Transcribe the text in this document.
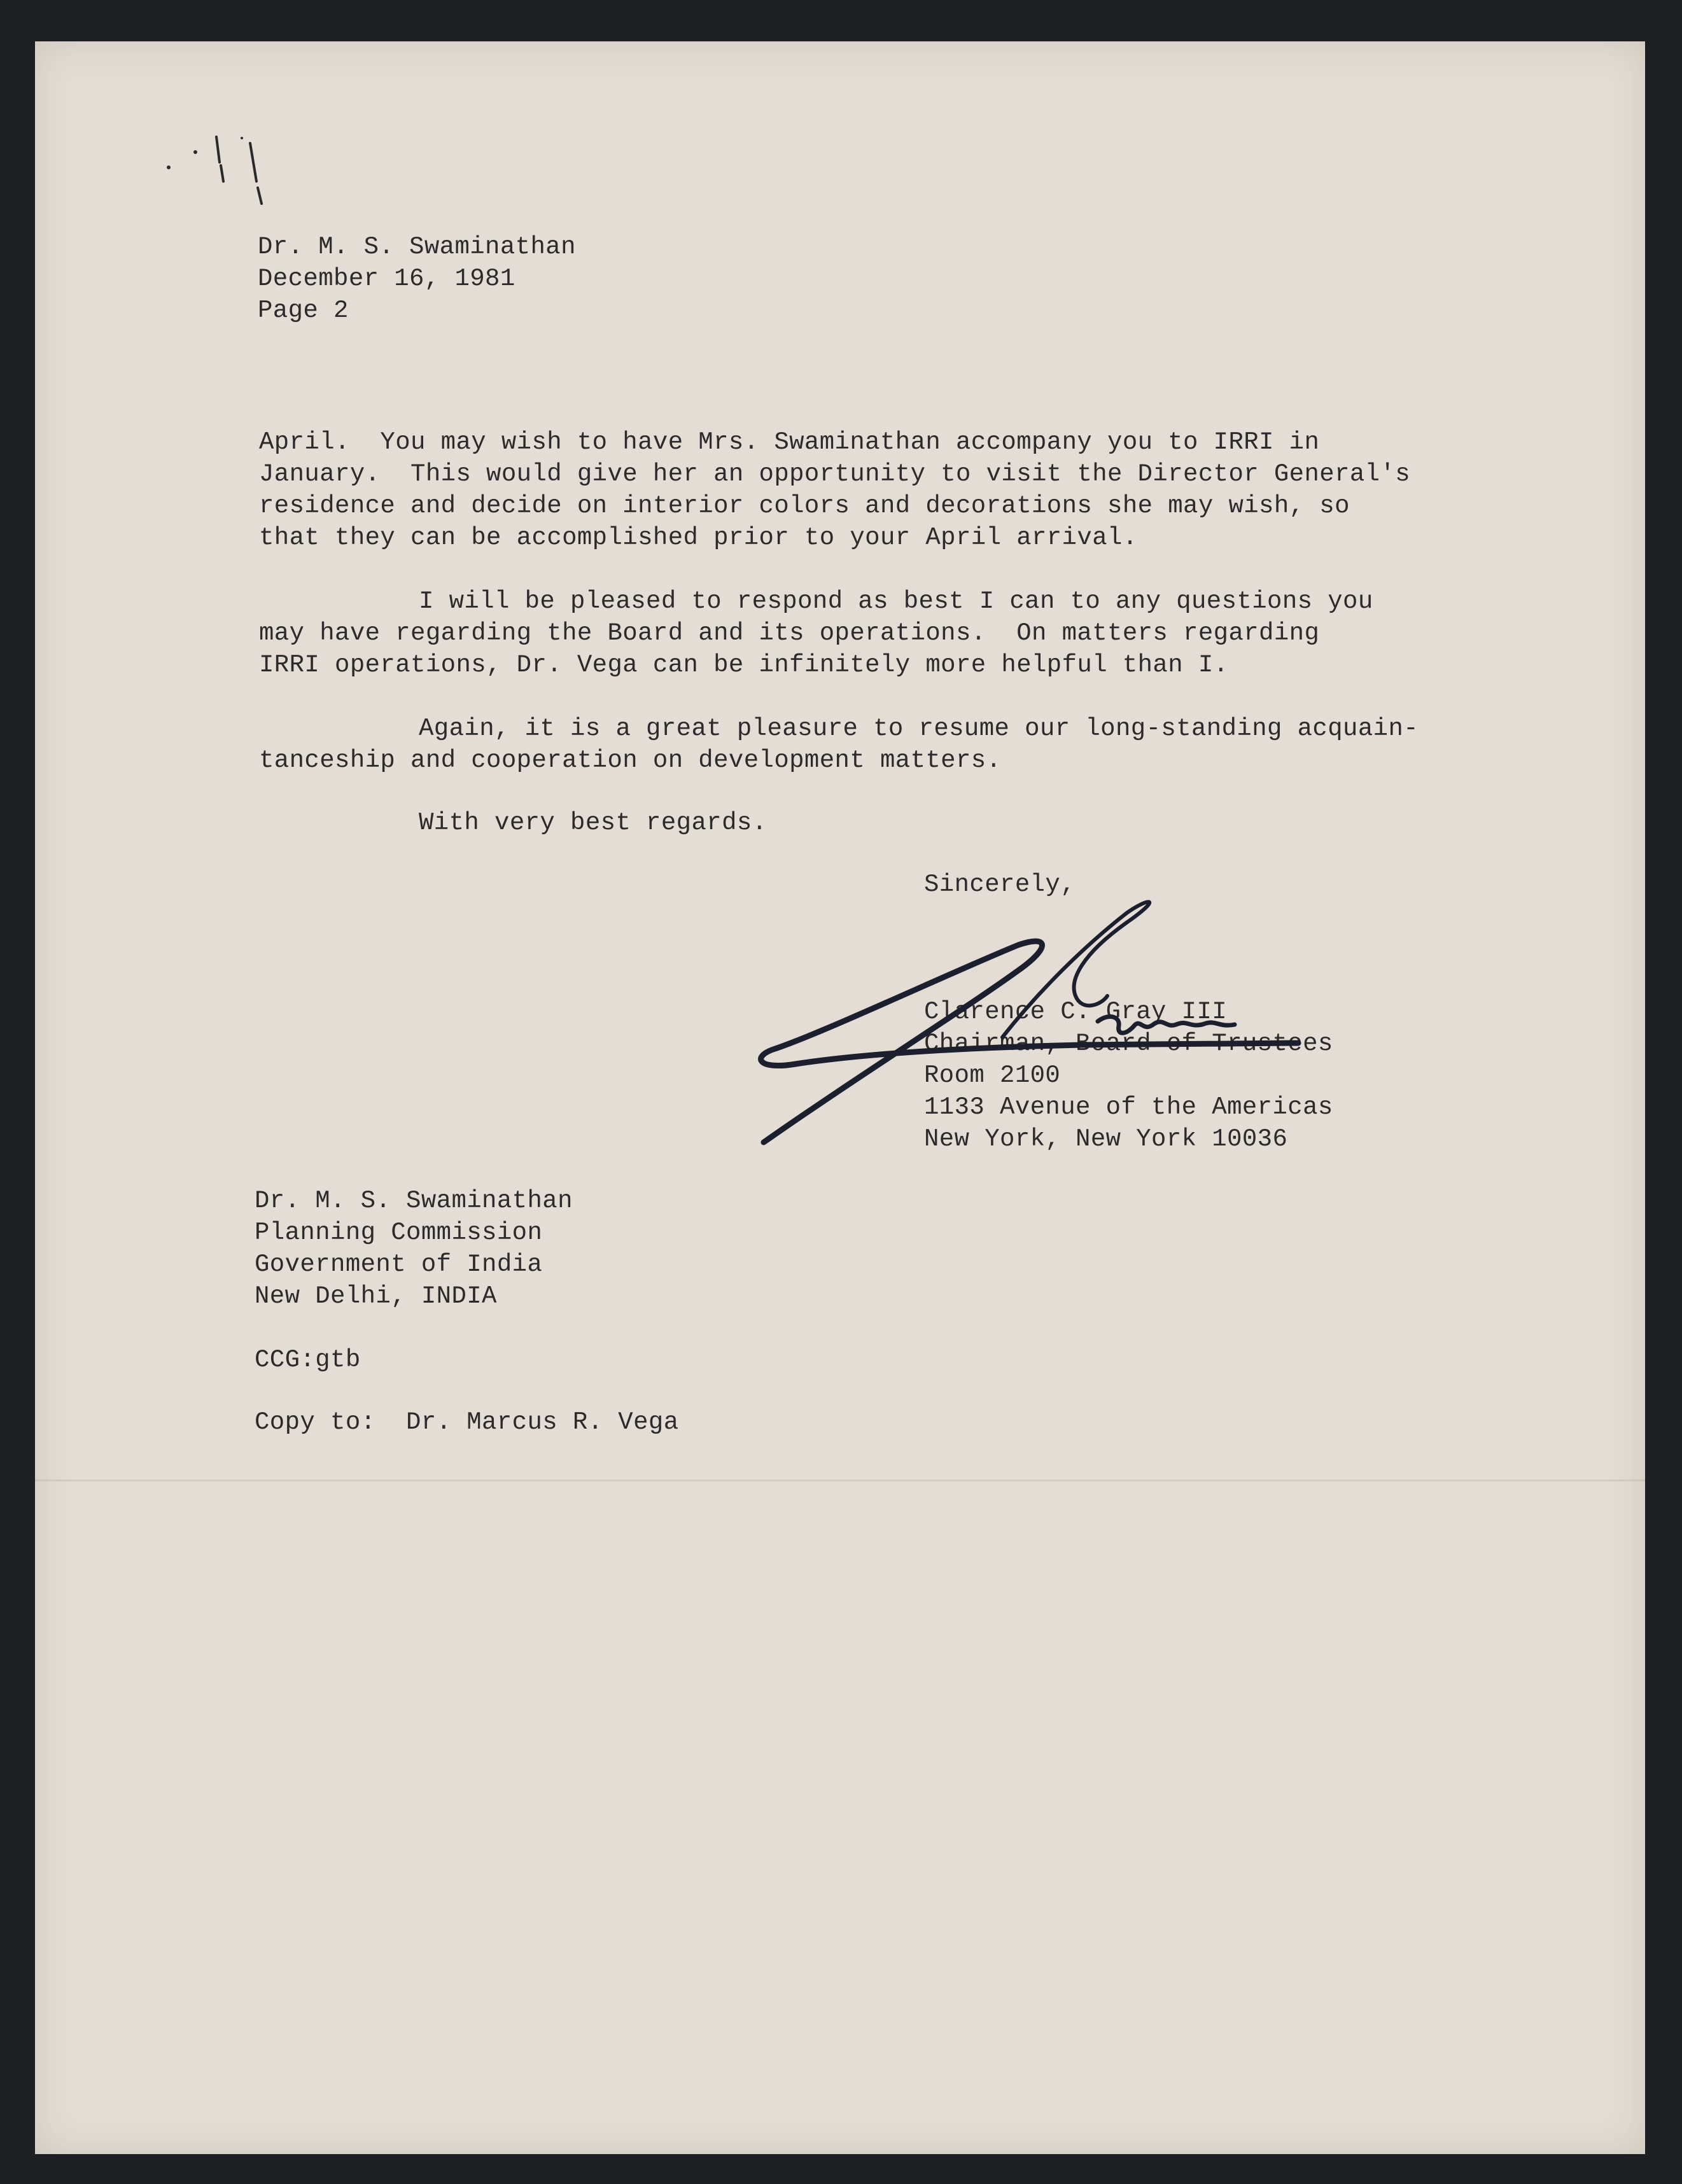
Dr. M. S. Swaminathan
December 16, 1981
Page 2
April.  You may wish to have Mrs. Swaminathan accompany you to IRRI in
January.  This would give her an opportunity to visit the Director General's
residence and decide on interior colors and decorations she may wish, so
that they can be accomplished prior to your April arrival.
I will be pleased to respond as best I can to any questions you
may have regarding the Board and its operations.  On matters regarding
IRRI operations, Dr. Vega can be infinitely more helpful than I.
Again, it is a great pleasure to resume our long-standing acquain-
tanceship and cooperation on development matters.
With very best regards.
Sincerely,
Clarence C. Gray III
Chairman, Board of Trustees
Room 2100
1133 Avenue of the Americas
New York, New York 10036
Dr. M. S. Swaminathan
Planning Commission
Government of India
New Delhi, INDIA
CCG:gtb
Copy to:  Dr. Marcus R. Vega
